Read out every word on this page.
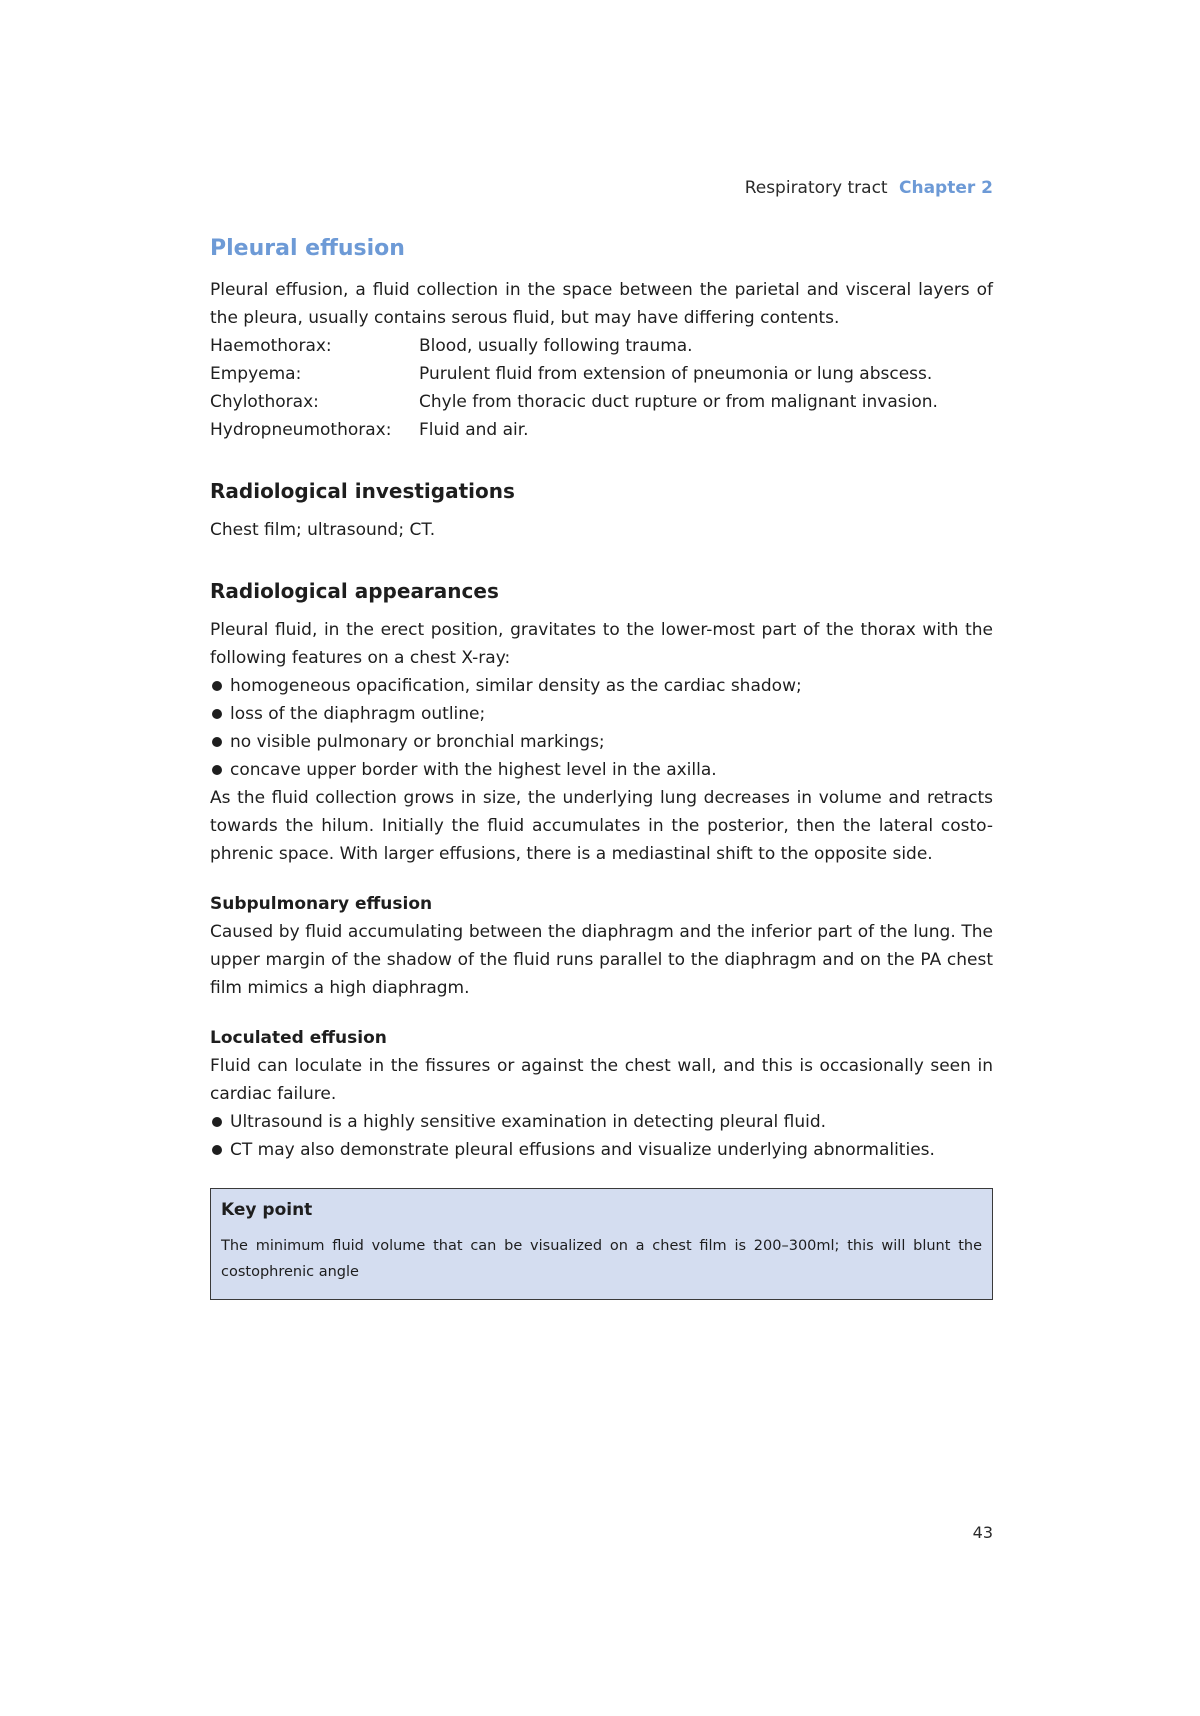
Respiratory tract Chapter 2
Pleural effusion

Pleural effusion, a fluid collection in the space between the parietal and visceral layers of the pleura, usually contains serous fluid, but may have differing contents.

Haemothorax:	Blood, usually following trauma.
Empyema:	Purulent fluid from extension of pneumonia or lung abscess.
Chylothorax:	Chyle from thoracic duct rupture or from malignant invasion.
Hydropneumothorax:	Fluid and air.
Radiological investigations

Chest film; ultrasound; CT.

Radiological appearances

Pleural fluid, in the erect position, gravitates to the lower-most part of the thorax with the following features on a chest X-ray:

homogeneous opacification, similar density as the cardiac shadow;
loss of the diaphragm outline;
no visible pulmonary or bronchial markings;
concave upper border with the highest level in the axilla.

As the fluid collection grows in size, the underlying lung decreases in volume and retracts towards the hilum. Initially the fluid accumulates in the posterior, then the lateral costo-phrenic space. With larger effusions, there is a mediastinal shift to the opposite side.

Subpulmonary effusion

Caused by fluid accumulating between the diaphragm and the inferior part of the lung. The upper margin of the shadow of the fluid runs parallel to the diaphragm and on the PA chest film mimics a high diaphragm.

Loculated effusion

Fluid can loculate in the fissures or against the chest wall, and this is occasionally seen in cardiac failure.

Ultrasound is a highly sensitive examination in detecting pleural fluid.
CT may also demonstrate pleural effusions and visualize underlying abnormalities.
Key point
The minimum fluid volume that can be visualized on a chest film is 200–300ml; this will blunt the costophrenic angle
43
